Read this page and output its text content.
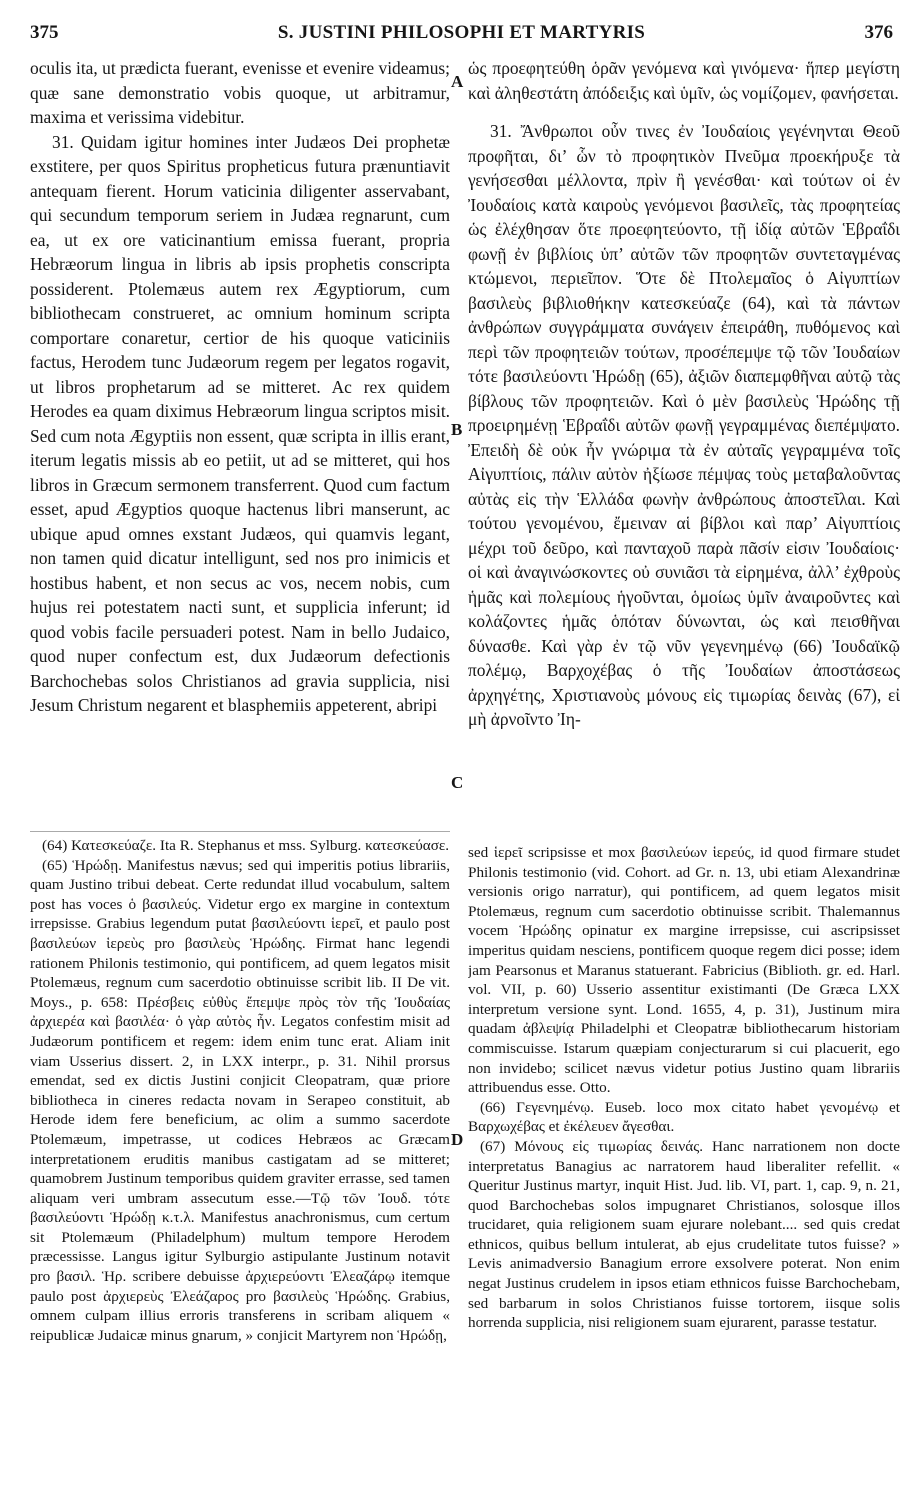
375	S. JUSTINI PHILOSOPHI ET MARTYRIS	376

oculis ita, ut prædicta fuerant, evenisse et evenire videamus; quæ sane demonstratio vobis quoque, ut arbitramur, maxima et verissima videbitur.

31. Quidam igitur homines inter Judæos Dei prophetæ exstitere, per quos Spiritus propheticus futura prænuntiavit antequam fierent. Horum vaticinia diligenter asservabant, qui secundum temporum seriem in Judæa regnarunt, cum ea, ut ex ore vaticinantium emissa fuerant, propria Hebræorum lingua in libris ab ipsis prophetis conscripta possiderent. Ptolemæus autem rex Ægyptiorum, cum bibliothecam construeret, ac omnium hominum scripta comportare conaretur, certior de his quoque vaticiniis factus, Herodem tunc Judæorum regem per legatos rogavit, ut libros prophetarum ad se mitteret. Ac rex quidem Herodes ea quam diximus Hebræorum lingua scriptos misit. Sed cum nota Ægyptiis non essent, quæ scripta in illis erant, iterum legatis missis ab eo petiit, ut ad se mitteret, qui hos libros in Græcum sermonem transferrent. Quod cum factum esset, apud Ægyptios quoque hactenus libri manserunt, ac ubique apud omnes exstant Judæos, qui quamvis legant, non tamen quid dicatur intelligunt, sed nos pro inimicis et hostibus habent, et non secus ac vos, necem nobis, cum hujus rei potestatem nacti sunt, et supplicia inferunt; id quod vobis facile persuaderi potest. Nam in bello Judaico, quod nuper confectum est, dux Judæorum defectionis Barchochebas solos Christianos ad gravia supplicia, nisi Jesum Christum negarent et blasphemiis appeterent, abripi

ὡς προεφητεύθη ὁρᾶν γενόμενα καὶ γινόμενα· ἥπερ μεγίστη καὶ ἀληθεστάτη ἀπόδειξις καὶ ὑμῖν, ὡς νομίζομεν, φανήσεται.

31. Ἄνθρωποι οὖν τινες ἐν Ἰουδαίοις γεγένηνται Θεοῦ προφῆται, δι’ ὧν τὸ προφητικὸν Πνεῦμα προεκήρυξε τὰ γενήσεσθαι μέλλοντα, πρὶν ἢ γενέσθαι· καὶ τούτων οἱ ἐν Ἰουδαίοις κατὰ καιροὺς γενόμενοι βασιλεῖς, τὰς προφητείας ὡς ἐλέχθησαν ὅτε προεφητεύοντο, τῇ ἰδίᾳ αὐτῶν Ἑβραΐδι φωνῇ ἐν βιβλίοις ὑπ’ αὐτῶν τῶν προφητῶν συντεταγμένας κτώμενοι, περιεῖπον. Ὅτε δὲ Πτολεμαῖος ὁ Αἰγυπτίων βασιλεὺς βιβλιοθήκην κατεσκεύαζε (64), καὶ τὰ πάντων ἀνθρώπων συγγράμματα συνάγειν ἐπειράθη, πυθόμενος καὶ περὶ τῶν προφητειῶν τούτων, προσέπεμψε τῷ τῶν Ἰουδαίων τότε βασιλεύοντι Ἡρώδῃ (65), ἀξιῶν διαπεμφθῆναι αὐτῷ τὰς βίβλους τῶν προφητειῶν. Καὶ ὁ μὲν βασιλεὺς Ἡρώδης τῇ προειρημένῃ Ἑβραΐδι αὐτῶν φωνῇ γεγραμμένας διεπέμψατο. Ἐπειδὴ δὲ οὐκ ἦν γνώριμα τὰ ἐν αὐταῖς γεγραμμένα τοῖς Αἰγυπτίοις, πάλιν αὐτὸν ἠξίωσε πέμψας τοὺς μεταβαλοῦντας αὐτὰς εἰς τὴν Ἑλλάδα φωνὴν ἀνθρώπους ἀποστεῖλαι. Καὶ τούτου γενομένου, ἔμειναν αἱ βίβλοι καὶ παρ’ Αἰγυπτίοις μέχρι τοῦ δεῦρο, καὶ πανταχοῦ παρὰ πᾶσίν εἰσιν Ἰουδαίοις· οἱ καὶ ἀναγινώσκοντες οὐ συνιᾶσι τὰ εἰρημένα, ἀλλ’ ἐχθροὺς ἡμᾶς καὶ πολεμίους ἡγοῦνται, ὁμοίως ὑμῖν ἀναιροῦντες καὶ κολάζοντες ἡμᾶς ὁπόταν δύνωνται, ὡς καὶ πεισθῆναι δύνασθε. Καὶ γὰρ ἐν τῷ νῦν γεγενημένῳ (66) Ἰουδαϊκῷ πολέμῳ, Βαρχοχέβας ὁ τῆς Ἰουδαίων ἀποστάσεως ἀρχηγέτης, Χριστιανοὺς μόνους εἰς τιμωρίας δεινὰς (67), εἰ μὴ ἀρνοῖντο Ἰη-

A
B
C
D

(64) Κατεσκεύαζε. Ita R. Stephanus et mss. Sylburg. κατεσκεύασε.

(65) Ἡρώδῃ. Manifestus nævus; sed qui imperitis potius librariis, quam Justino tribui debeat. Certe redundat illud vocabulum, saltem post has voces ὁ βασιλεύς. Videtur ergo ex margine in contextum irrepsisse. Grabius legendum putat βασιλεύοντι ἱερεῖ, et paulo post βασιλεύων ἱερεὺς pro βασιλεὺς Ἡρώδης. Firmat hanc legendi rationem Philonis testimonio, qui pontificem, ad quem legatos misit Ptolemæus, regnum cum sacerdotio obtinuisse scribit lib. II De vit. Moys., p. 658: Πρέσβεις εὐθὺς ἔπεμψε πρὸς τὸν τῆς Ἰουδαίας ἀρχιερέα καὶ βασιλέα· ὁ γὰρ αὐτὸς ἦν. Legatos confestim misit ad Judæorum pontificem et regem: idem enim tunc erat. Aliam init viam Usserius dissert. 2, in LXX interpr., p. 31. Nihil prorsus emendat, sed ex dictis Justini conjicit Cleopatram, quæ priore bibliotheca in cineres redacta novam in Serapeo constituit, ab Herode idem fere beneficium, ac olim a summo sacerdote Ptolemæum, impetrasse, ut codices Hebræos ac Græcam interpretationem eruditis manibus castigatam ad se mitteret; quamobrem Justinum temporibus quidem graviter errasse, sed tamen aliquam veri umbram assecutum esse.—Τῷ τῶν Ἰουδ. τότε βασιλεύοντι Ἡρώδῃ κ.τ.λ. Manifestus anachronismus, cum certum sit Ptolemæum (Philadelphum) multum tempore Herodem præcessisse. Langus igitur Sylburgio astipulante Justinum notavit pro βασιλ. Ἡρ. scribere debuisse ἀρχιερεύοντι Ἐλεαζάρῳ itemque paulo post ἀρχιερεὺς Ἐλεάζαρος pro βασιλεὺς Ἡρώδης. Grabius, omnem culpam illius erroris transferens in scribam aliquem « reipublicæ Judaicæ minus gnarum, » conjicit Martyrem non Ἡρώδῃ,

sed ἱερεῖ scripsisse et mox βασιλεύων ἱερεύς, id quod firmare studet Philonis testimonio (vid. Cohort. ad Gr. n. 13, ubi etiam Alexandrinæ versionis origo narratur), qui pontificem, ad quem legatos misit Ptolemæus, regnum cum sacerdotio obtinuisse scribit. Thalemannus vocem Ἡρώδης opinatur ex margine irrepsisse, cui ascripsisset imperitus quidam nesciens, pontificem quoque regem dici posse; idem jam Pearsonus et Maranus statuerant. Fabricius (Biblioth. gr. ed. Harl. vol. VII, p. 60) Usserio assentitur existimanti (De Græca LXX interpretum versione synt. Lond. 1655, 4, p. 31), Justinum mira quadam ἀβλεψίᾳ Philadelphi et Cleopatræ bibliothecarum historiam commiscuisse. Istarum quæpiam conjecturarum si cui placuerit, ego non invidebo; scilicet nævus videtur potius Justino quam librariis attribuendus esse. Otto.

(66) Γεγενημένῳ. Euseb. loco mox citato habet γενομένῳ et Βαρχωχέβας et ἐκέλευεν ἄγεσθαι.

(67) Μόνους εἰς τιμωρίας δεινάς. Hanc narrationem non docte interpretatus Banagius ac narratorem haud liberaliter refellit. « Queritur Justinus martyr, inquit Hist. Jud. lib. VI, part. 1, cap. 9, n. 21, quod Barchochebas solos impugnaret Christianos, solosque illos trucidaret, quia religionem suam ejurare nolebant.... sed quis credat ethnicos, quibus bellum intulerat, ab ejus crudelitate tutos fuisse? » Levis animadversio Banagium errore exsolvere poterat. Non enim negat Justinus crudelem in ipsos etiam ethnicos fuisse Barchochebam, sed barbarum in solos Christianos fuisse tortorem, iisque solis horrenda supplicia, nisi religionem suam ejurarent, parasse testatur.
